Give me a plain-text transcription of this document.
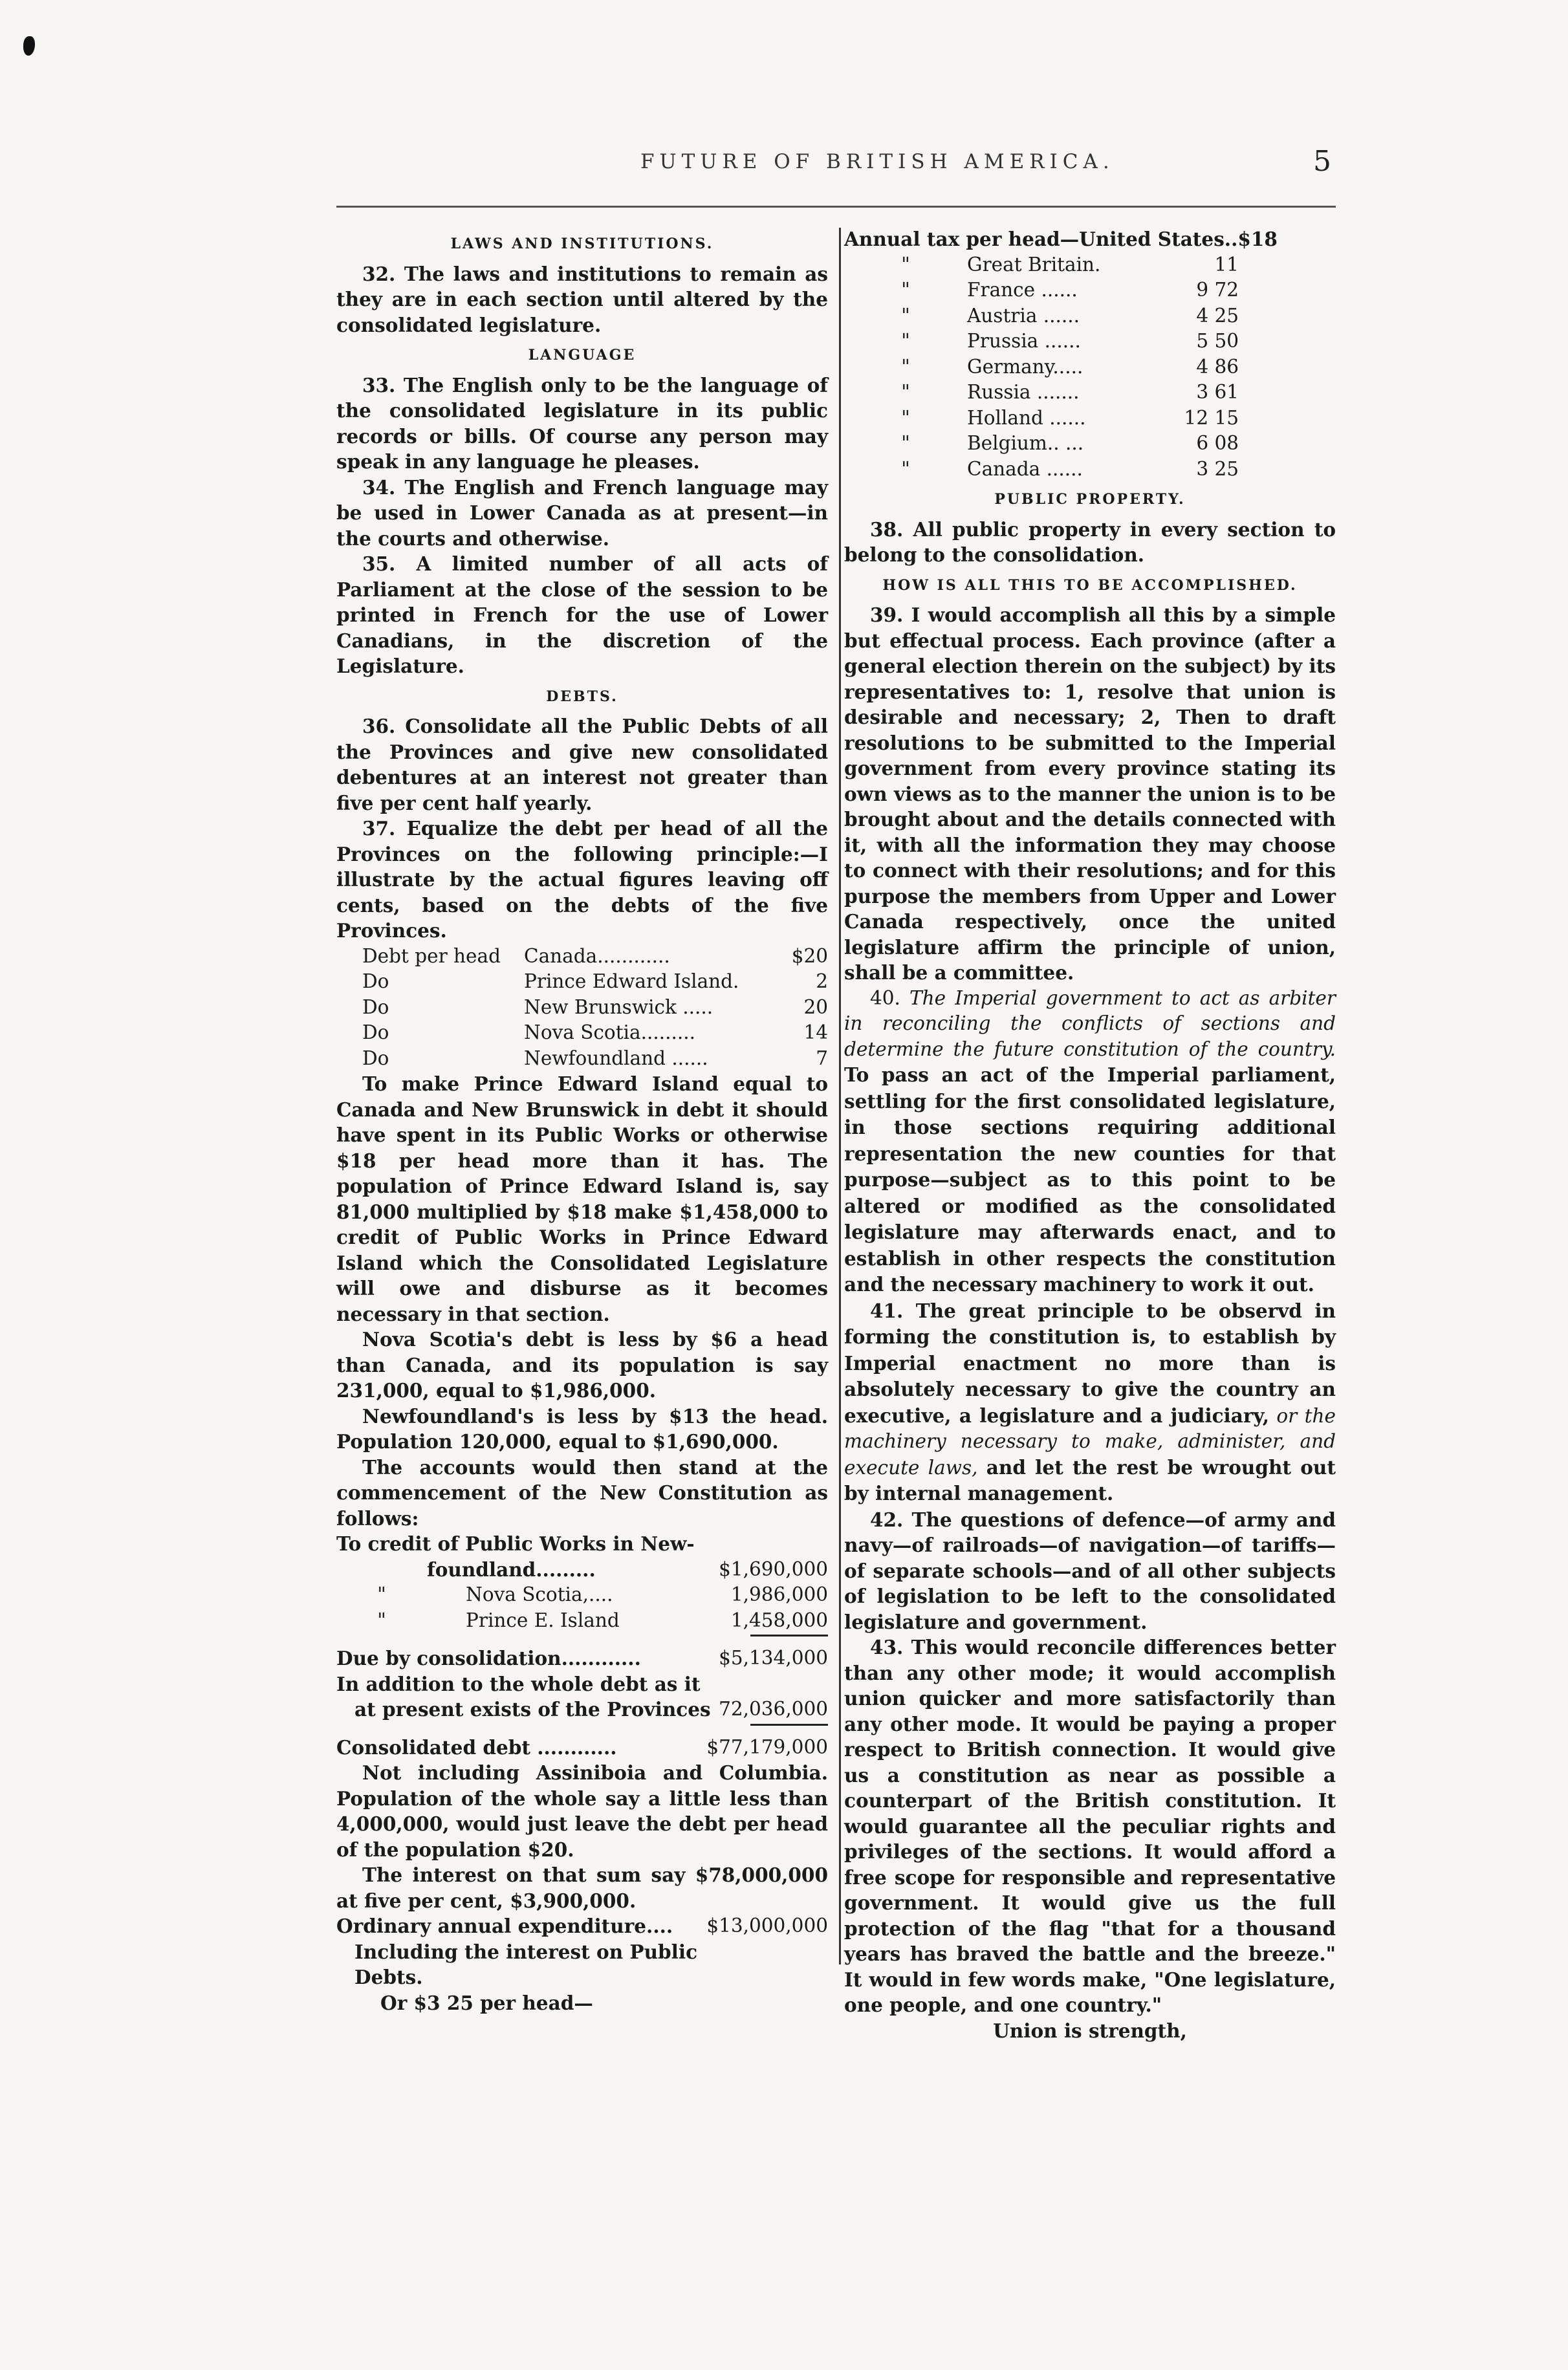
FUTURE OF BRITISH AMERICA.	5
LAWS AND INSTITUTIONS.

32. The laws and institutions to remain as they are in each section until altered by the consolidated legislature.

LANGUAGE

33. The English only to be the language of the consolidated legislature in its public records or bills. Of course any person may speak in any language he pleases.

34. The English and French language may be used in Lower Canada as at present—in the courts and otherwise.

35. A limited number of all acts of Parliament at the close of the session to be printed in French for the use of Lower Canadians, in the discretion of the Legislature.

DEBTS.

36. Consolidate all the Public Debts of all the Provinces and give new consolidated debentures at an interest not greater than five per cent half yearly.

37. Equalize the debt per head of all the Provinces on the following principle:—I illustrate by the actual figures leaving off cents, based on the debts of the five Provinces.

Debt per head	Canada............	$20
Do	Prince Edward Island.	2
Do	New Brunswick .....	20
Do	Nova Scotia.........	14
Do	Newfoundland ......	7

To make Prince Edward Island equal to Canada and New Brunswick in debt it should have spent in its Public Works or otherwise $18 per head more than it has. The population of Prince Edward Island is, say 81,000 multiplied by $18 make $1,458,000 to credit of Public Works in Prince Edward Island which the Consolidated Legislature will owe and disburse as it becomes necessary in that section.

Nova Scotia's debt is less by $6 a head than Canada, and its population is say 231,000, equal to $1,986,000.

Newfoundland's is less by $13 the head. Population 120,000, equal to $1,690,000.

The accounts would then stand at the commencement of the New Constitution as follows:

To credit of Public Works in New-

foundland.........	$1,690,000
"	Nova Scotia,....	1,986,000
"	Prince E. Island	1,458,000
Due by consolidation............	$5,134,000
In addition to the whole debt as it
at present exists of the Provinces 72,036,000
Consolidated debt ............	$77,179,000

Not including Assiniboia and Columbia. Population of the whole say a little less than 4,000,000, would just leave the debt per head of the population $20.

The interest on that sum say $78,000,000 at five per cent, $3,900,000.

Ordinary annual expenditure.... $13,000,000
Including the interest on Public
Debts.
Or $3 25 per head—
Annual tax per head—United States..$18
"	Great Britain.	11
"	France ......	9 72
"	Austria ......	4 25
"	Prussia ......	5 50
"	Germany.....	4 86
"	Russia .......	3 61
"	Holland ......	12 15
"	Belgium.. ...	6 08
"	Canada ......	3 25
PUBLIC PROPERTY.

38. All public property in every section to belong to the consolidation.

HOW IS ALL THIS TO BE ACCOMPLISHED.

39. I would accomplish all this by a simple but effectual process. Each province (after a general election therein on the subject) by its representatives to: 1, resolve that union is desirable and necessary; 2, Then to draft resolutions to be submitted to the Imperial government from every province stating its own views as to the manner the union is to be brought about and the details connected with it, with all the information they may choose to connect with their resolutions; and for this purpose the members from Upper and Lower Canada respectively, once the united legislature affirm the principle of union, shall be a committee.

40. The Imperial government to act as arbiter in reconciling the conflicts of sections and determine the future constitution of the country. To pass an act of the Imperial parliament, settling for the first consolidated legislature, in those sections requiring additional representation the new counties for that purpose—subject as to this point to be altered or modified as the consolidated legislature may afterwards enact, and to establish in other respects the constitution and the necessary machinery to work it out.

41. The great principle to be observd in forming the constitution is, to establish by Imperial enactment no more than is absolutely necessary to give the country an executive, a legislature and a judiciary, or the machinery necessary to make, administer, and execute laws, and let the rest be wrought out by internal management.

42. The questions of defence—of army and navy—of railroads—of navigation—of tariffs—of separate schools—and of all other subjects of legislation to be left to the consolidated legislature and government.

43. This would reconcile differences better than any other mode; it would accomplish union quicker and more satisfactorily than any other mode. It would be paying a proper respect to British connection. It would give us a constitution as near as possible a counterpart of the British constitution. It would guarantee all the peculiar rights and privileges of the sections. It would afford a free scope for responsible and representative government. It would give us the full protection of the flag "that for a thousand years has braved the battle and the breeze." It would in few words make, "One legislature, one people, and one country."

Union is strength,
